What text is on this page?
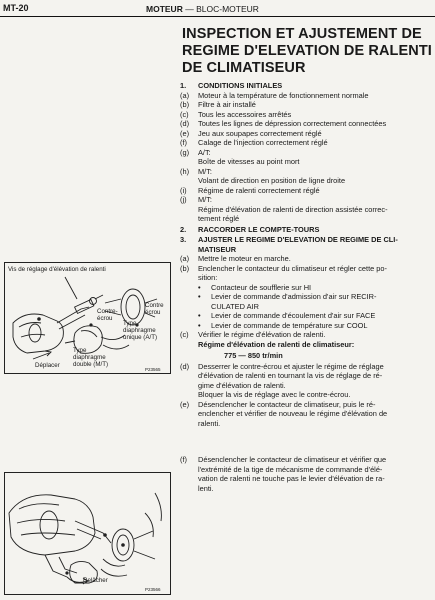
MT-20	MOTEUR — BLOC-MOTEUR
INSPECTION ET AJUSTEMENT DE
REGIME D'ELEVATION DE RALENTI
DE CLIMATISEUR
1.	CONDITIONS INITIALES
(a)	Moteur à la température de fonctionnement normale
(b)	Filtre à air installé
(c)	Tous les accessoires arrêtés
(d)	Toutes les lignes de dépression correctement connectées
(e)	Jeu aux soupapes correctement réglé
(f)	Calage de l'injection correctement réglé
(g)	A/T:
Boîte de vitesses au point mort
(h)	M/T:
Volant de direction en position de ligne droite
(i)	Régime de ralenti correctement réglé
(j)	M/T:
Régime d'élévation de ralenti de direction assistée correc-
tement réglé
2.	RACCORDER LE COMPTE-TOURS
3.	AJUSTER LE REGIME D'ELEVATION DE REGIME DE CLI-
MATISEUR
(a)	Mettre le moteur en marche.
(b)	Enclencher le contacteur du climatiseur et régler cette po-
sition:
•	Contacteur de soufflerie sur HI
•	Levier de commande d'admission d'air sur RECIR-
CULATED AIR
•	Levier de commande d'écoulement d'air sur FACE
•	Levier de commande de température sur COOL
(c)	Vérifier le régime d'élévation de ralenti.
Régime d'élévation de ralenti de climatiseur:
775 — 850 tr/min
(d)	Desserrer le contre-écrou et ajuster le régime de réglage
d'élévation de ralenti en tournant la vis de réglage de ré-
gime d'élévation de ralenti.
Bloquer la vis de réglage avec le contre-écrou.
(e)	Désenclencher le contacteur de climatiseur, puis le ré-
enclencher et vérifier de nouveau le régime d'élévation de
ralenti.
(f)	Désenclencher le contacteur de climatiseur et vérifier que
l'extrémité de la tige de mécanisme de commande d'élé-
vation de ralenti ne touche pas le levier d'élévation de ra-
lenti.
Vis de réglage d'élévation de ralenti
Contre-
écrou
Contre
écrou
Type
diaphragme
unique (A/T)
Type
diaphragme
double (M/T)
Déplacer
P23565
Relâcher
P23566
